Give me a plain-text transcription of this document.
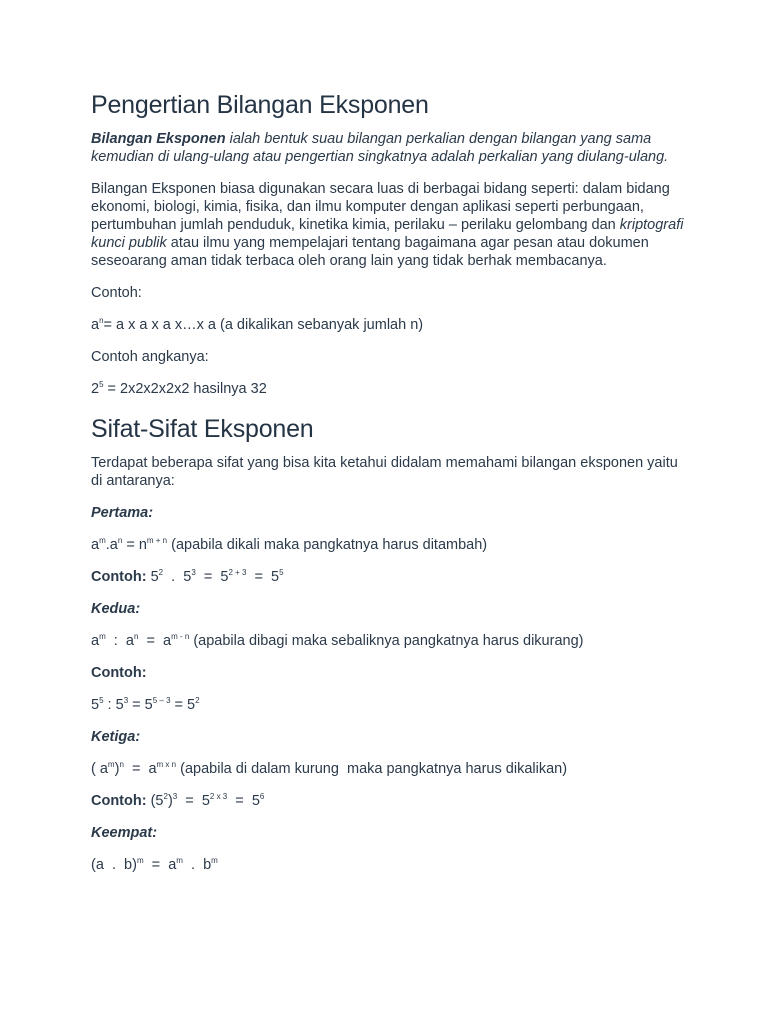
Pengertian Bilangan Eksponen

Bilangan Eksponen ialah bentuk suau bilangan perkalian dengan bilangan yang sama kemudian di ulang-ulang atau pengertian singkatnya adalah perkalian yang diulang-ulang.

Bilangan Eksponen biasa digunakan secara luas di berbagai bidang seperti: dalam bidang ekonomi, biologi, kimia, fisika, dan ilmu komputer dengan aplikasi seperti perbungaan, pertumbuhan jumlah penduduk, kinetika kimia, perilaku – perilaku gelombang dan kriptografi kunci publik atau ilmu yang mempelajari tentang bagaimana agar pesan atau dokumen seseoarang aman tidak terbaca oleh orang lain yang tidak berhak membacanya.

Contoh:

$a^n= a$ x a x a x…x a (a dikalikan sebanyak jumlah n)

Contoh angkanya:

$2^5 = 2x2x2x2x2$ hasilnya 32

Sifat-Sifat Eksponen

Terdapat beberapa sifat yang bisa kita ketahui didalam memahami bilangan eksponen yaitu di antaranya:

Pertama:

$a^m.a^n = n^{m + n}$ (apabila dikali maka pangkatnya harus ditambah)

Contoh: $5^2$  .  $5^3 = 5^{2 + 3} = 5^5$

Kedua:

$a^m$  :  $a^n = a^{m - n}$ (apabila dibagi maka sebaliknya pangkatnya harus dikurang)

Contoh:

$5^5$ : $5^3 = 5^{5 - 3} = 5^2$

Ketiga:

( $a^m)^n = a^{m x n}$ (apabila di dalam kurung  maka pangkatnya harus dikalikan)

Contoh: $(5^2)^3 = 5^{2 x 3} = 5^6$

Keempat:

(a  .  $b)^m = a^m$  .  $b^m$
